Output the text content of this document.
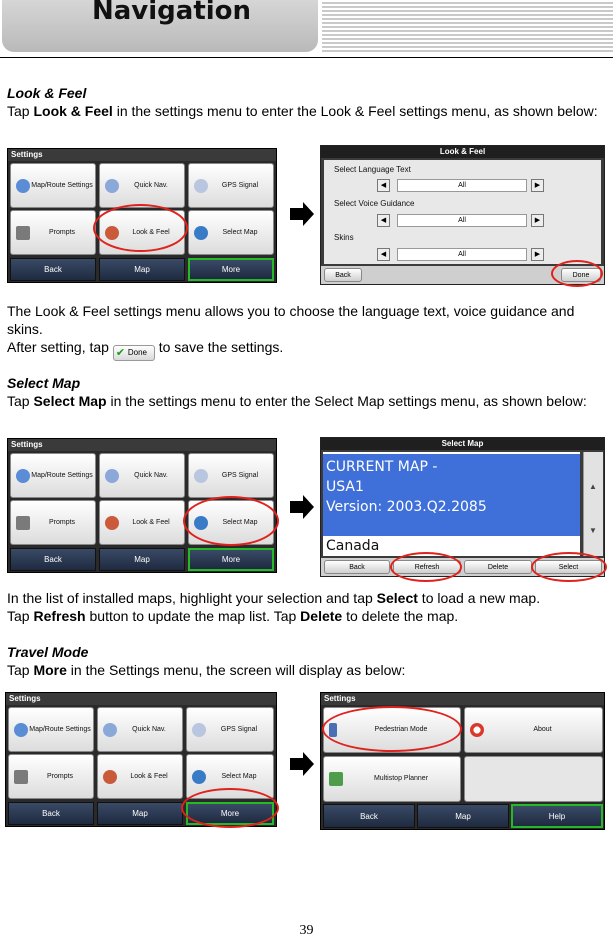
Navigation
Look & Feel
Tap Look & Feel in the settings menu to enter the Look & Feel settings menu, as shown below:
Settings
Map/Route Settings	Quick Nav.	GPS Signal
Prompts	Look & Feel	Select Map
Back	Map	More
Look & Feel
Select Language Text
◀	All	▶
Select Voice Guidance
◀	All	▶
Skins
◀	All	▶
Back	Done
The Look & Feel settings menu allows you to choose the language text, voice guidance and skins.
After setting, tap ✔ Done to save the settings.
Select Map
Tap Select Map in the settings menu to enter the Select Map settings menu, as shown below:
Settings
Map/Route Settings	Quick Nav.	GPS Signal
Prompts	Look & Feel	Select Map
Back	Map	More
Select Map
CURRENT MAP -
USA1
Version: 2003.Q2.2085
Canada
▲
▼
Back	Refresh	Delete	Select
In the list of installed maps, highlight your selection and tap Select to load a new map.
Tap Refresh button to update the map list. Tap Delete to delete the map.
Travel Mode
Tap More in the Settings menu, the screen will display as below:
Settings
Map/Route Settings	Quick Nav.	GPS Signal
Prompts	Look & Feel	Select Map
Back	Map	More
Settings
Pedestrian Mode	About
Multistop Planner
Back	Map	Help
39
